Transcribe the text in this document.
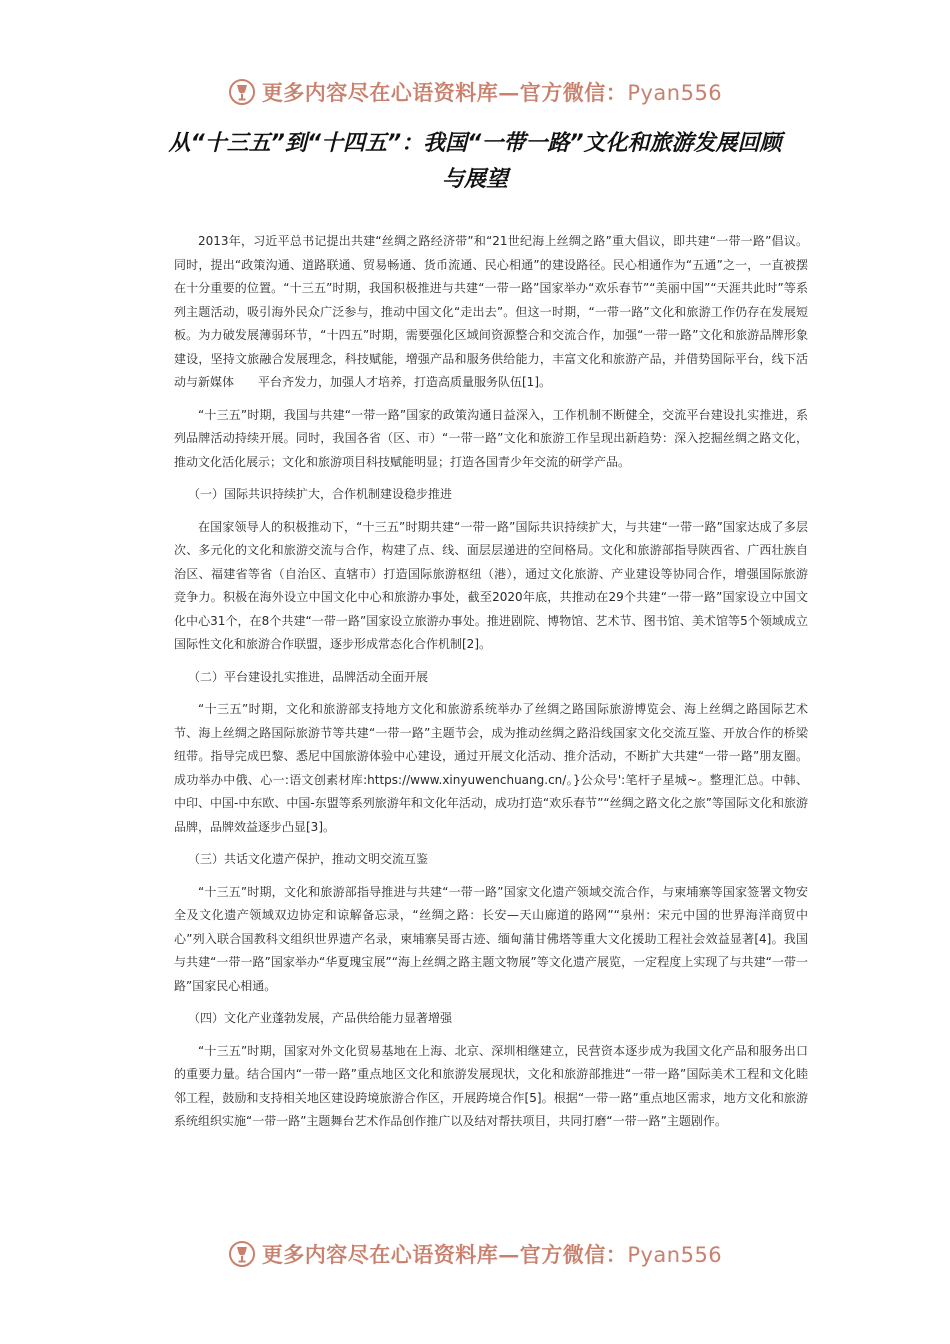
更多内容尽在心语资料库—官方微信：Pyan556
从“十三五”到“十四五”：我国“一带一路”文化和旅游发展回顾
与展望

2013年，习近平总书记提出共建“丝绸之路经济带”和“21世纪海上丝绸之路”重大倡议，即共建“一带一路”倡议。同时，提出“政策沟通、道路联通、贸易畅通、货币流通、民心相通”的建设路径。民心相通作为“五通”之一，一直被摆在十分重要的位置。“十三五”时期，我国积极推进与共建“一带一路”国家举办“欢乐春节”“美丽中国”“天涯共此时”等系列主题活动，吸引海外民众广泛参与，推动中国文化“走出去”。但这一时期，“一带一路”文化和旅游工作仍存在发展短板。为力破发展薄弱环节，“十四五”时期，需要强化区域间资源整合和交流合作，加强“一带一路”文化和旅游品牌形象建设，坚持文旅融合发展理念，科技赋能，增强产品和服务供给能力，丰富文化和旅游产品，并借势国际平台，线下活动与新媒体　　平台齐发力，加强人才培养，打造高质量服务队伍[1]。

“十三五”时期，我国与共建“一带一路”国家的政策沟通日益深入，工作机制不断健全，交流平台建设扎实推进，系列品牌活动持续开展。同时，我国各省（区、市）“一带一路”文化和旅游工作呈现出新趋势：深入挖掘丝绸之路文化，推动文化活化展示；文化和旅游项目科技赋能明显；打造各国青少年交流的研学产品。

（一）国际共识持续扩大，合作机制建设稳步推进

在国家领导人的积极推动下，“十三五”时期共建“一带一路”国际共识持续扩大，与共建“一带一路”国家达成了多层次、多元化的文化和旅游交流与合作，构建了点、线、面层层递进的空间格局。文化和旅游部指导陕西省、广西壮族自治区、福建省等省（自治区、直辖市）打造国际旅游枢纽（港），通过文化旅游、产业建设等协同合作，增强国际旅游　　竞争力。积极在海外设立中国文化中心和旅游办事处，截至2020年底，共推动在29个共建“一带一路”国家设立中国文化中心31个，在8个共建“一带一路”国家设立旅游办事处。推进剧院、博物馆、艺术节、图书馆、美术馆等5个领域成立国际性文化和旅游合作联盟，逐步形成常态化合作机制[2]。

（二）平台建设扎实推进，品牌活动全面开展

“十三五”时期，文化和旅游部支持地方文化和旅游系统举办了丝绸之路国际旅游博览会、海上丝绸之路国际艺术节、海上丝绸之路国际旅游节等共建“一带一路”主题节会，成为推动丝绸之路沿线国家文化交流互鉴、开放合作的桥梁纽带。指导完成巴黎、悉尼中国旅游体验中心建设，通过开展文化活动、推介活动，不断扩大共建“一带一路”朋友圈。成功举办中俄、心一:语文创素材库:https://www.xinyuwenchuang.cn/。}公众号':笔杆子星城~。整理汇总。中韩、中印、中国-中东欧、中国-东盟等系列旅游年和文化年活动，成功打造“欢乐春节”“丝绸之路文化之旅”等国际文化和旅游品牌，品牌效益逐步凸显[3]。

（三）共话文化遗产保护，推动文明交流互鉴

“十三五”时期，文化和旅游部指导推进与共建“一带一路”国家文化遗产领域交流合作，与柬埔寨等国家签署文物安全及文化遗产领域双边协定和谅解备忘录，“丝绸之路：长安—天山廊道的路网”“泉州：宋元中国的世界海洋商贸中心”列入联合国教科文组织世界遗产名录，柬埔寨吴哥古迹、缅甸蒲甘佛塔等重大文化援助工程社会效益显著[4]。我国与共建“一带一路”国家举办“华夏瑰宝展”“海上丝绸之路主题文物展”等文化遗产展览，一定程度上实现了与共建“一带一路”国家民心相通。

（四）文化产业蓬勃发展，产品供给能力显著增强

“十三五”时期，国家对外文化贸易基地在上海、北京、深圳相继建立，民营资本逐步成为我国文化产品和服务出口的重要力量。结合国内“一带一路”重点地区文化和旅游发展现状，文化和旅游部推进“一带一路”国际美术工程和文化睦邻工程，鼓励和支持相关地区建设跨境旅游合作区，开展跨境合作[5]。根据“一带一路”重点地区需求，地方文化和旅游系统组织实施“一带一路”主题舞台艺术作品创作推广以及结对帮扶项目，共同打磨“一带一路”主题剧作。

更多内容尽在心语资料库—官方微信：Pyan556
